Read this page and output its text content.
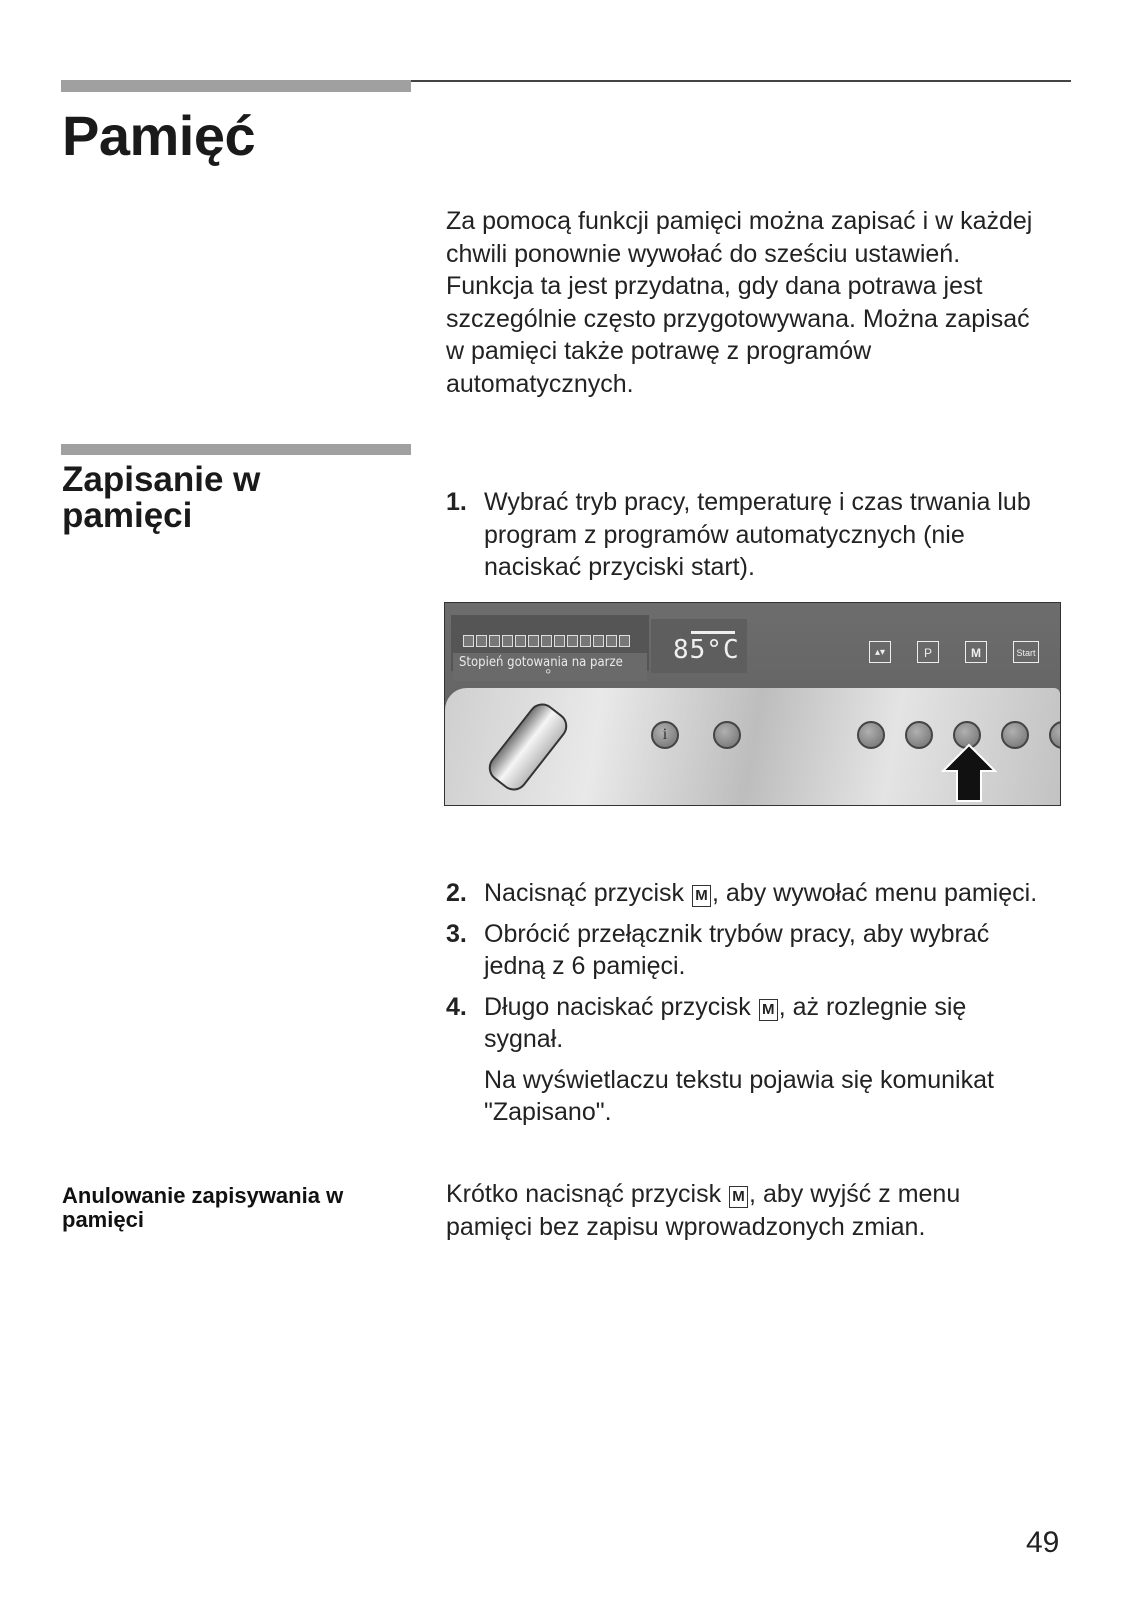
Pamięć
Za pomocą funkcji pamięci można zapisać i w każdej chwili ponownie wywołać do sześciu ustawień. Funkcja ta jest przydatna, gdy dana potrawa jest szczególnie często przygotowywana. Można zapisać w pamięci także potrawę z programów automatycznych.
Zapisanie w pamięci	1. Wybrać tryb pracy, temperaturę i czas trwania lub program z programów automatycznych (nie naciskać przyciski start).
Stopień gotowania na parze	85°C	▴▾	P	M	Start
°
i
2. Nacisnąć przycisk M , aby wywołać menu pamięci.
3. Obrócić przełącznik trybów pracy, aby wybrać jedną z 6 pamięci.
4. Długo naciskać przycisk M , aż rozlegnie się sygnał.
Na wyświetlaczu tekstu pojawia się komunikat "Zapisano".
Anulowanie zapisywania w pamięci
Krótko nacisnąć przycisk M , aby wyjść z menu pamięci bez zapisu wprowadzonych zmian.
49
